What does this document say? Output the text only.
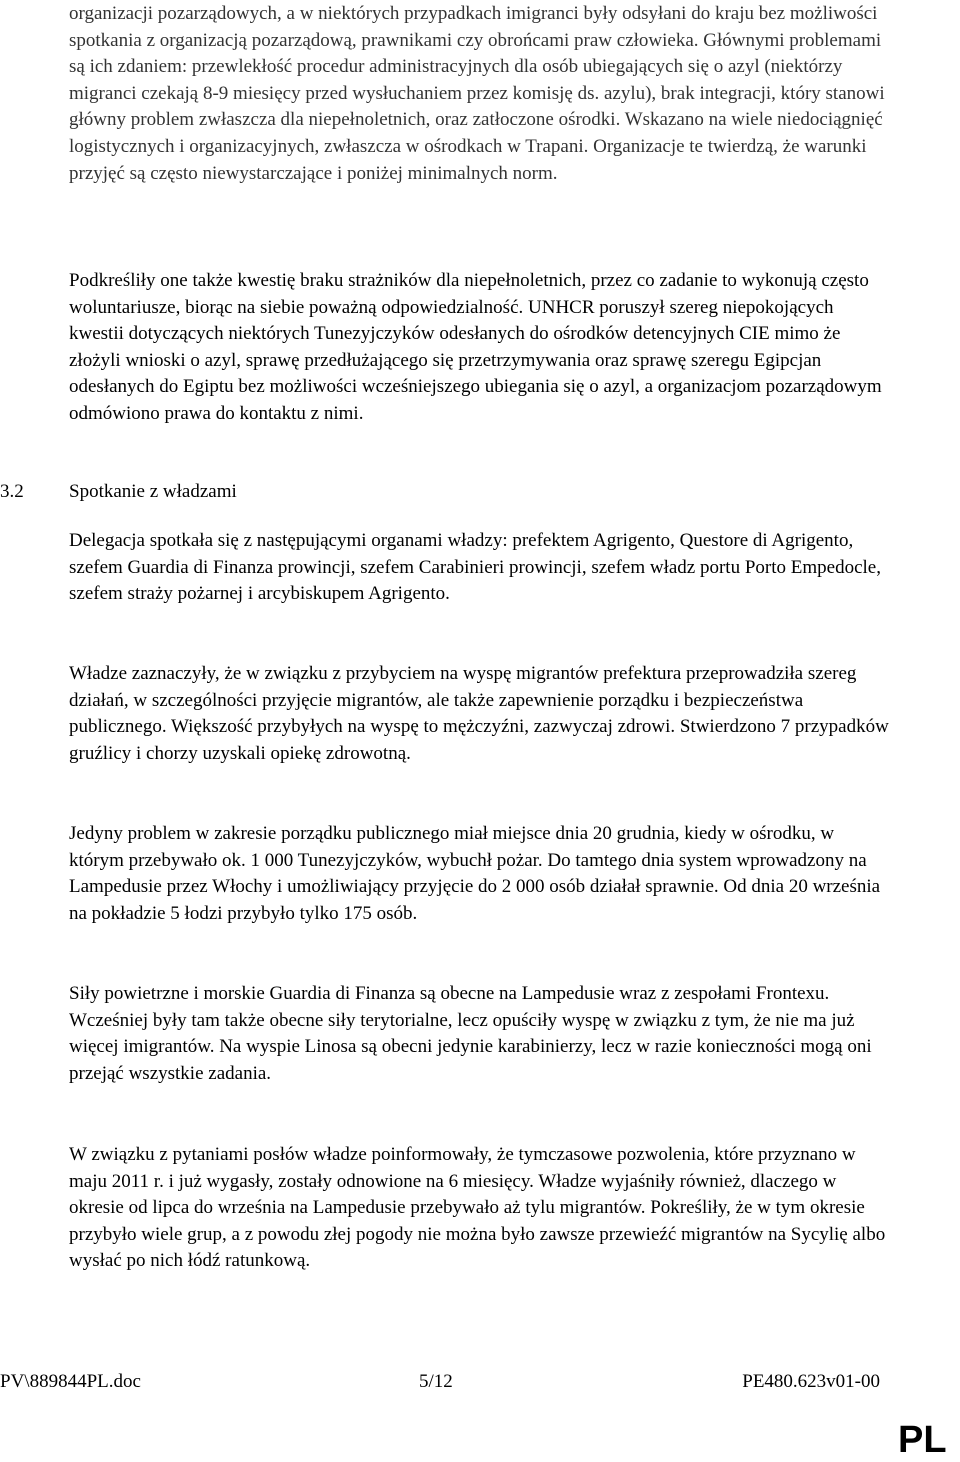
organizacji pozarządowych, a w niektórych przypadkach imigranci były odsyłani do kraju bez możliwości spotkania z organizacją pozarządową, prawnikami czy obrońcami praw człowieka. Głównymi problemami są ich zdaniem: przewlekłość procedur administracyjnych dla osób ubiegających się o azyl (niektórzy migranci czekają 8-9 miesięcy przed wysłuchaniem przez komisję ds. azylu), brak integracji, który stanowi główny problem zwłaszcza dla niepełnoletnich, oraz zatłoczone ośrodki. Wskazano na wiele niedociągnięć logistycznych i organizacyjnych, zwłaszcza w ośrodkach w Trapani. Organizacje te twierdzą, że warunki przyjęć są często niewystarczające i poniżej minimalnych norm.

Podkreśliły one także kwestię braku strażników dla niepełnoletnich, przez co zadanie to wykonują często woluntariusze, biorąc na siebie poważną odpowiedzialność. UNHCR poruszył szereg niepokojących kwestii dotyczących niektórych Tunezyjczyków odesłanych do ośrodków detencyjnych CIE mimo że złożyli wnioski o azyl, sprawę przedłużającego się przetrzymywania oraz sprawę szeregu Egipcjan odesłanych do Egiptu bez możliwości wcześniejszego ubiegania się o azyl, a organizacjom pozarządowym odmówiono prawa do kontaktu z nimi.

3.2 Spotkanie z władzami

Delegacja spotkała się z następującymi organami władzy: prefektem Agrigento, Questore di Agrigento, szefem Guardia di Finanza prowincji, szefem Carabinieri prowincji, szefem władz portu Porto Empedocle, szefem straży pożarnej i arcybiskupem Agrigento.

Władze zaznaczyły, że w związku z przybyciem na wyspę migrantów prefektura przeprowadziła szereg działań, w szczególności przyjęcie migrantów, ale także zapewnienie porządku i bezpieczeństwa publicznego. Większość przybyłych na wyspę to mężczyźni, zazwyczaj zdrowi. Stwierdzono 7 przypadków gruźlicy i chorzy uzyskali opiekę zdrowotną.

Jedyny problem w zakresie porządku publicznego miał miejsce dnia 20 grudnia, kiedy w ośrodku, w którym przebywało ok. 1 000 Tunezyjczyków, wybuchł pożar. Do tamtego dnia system wprowadzony na Lampedusie przez Włochy i umożliwiający przyjęcie do 2 000 osób działał sprawnie. Od dnia 20 września na pokładzie 5 łodzi przybyło tylko 175 osób.

Siły powietrzne i morskie Guardia di Finanza są obecne na Lampedusie wraz z zespołami Frontexu. Wcześniej były tam także obecne siły terytorialne, lecz opuściły wyspę w związku z tym, że nie ma już więcej imigrantów. Na wyspie Linosa są obecni jedynie karabinierzy, lecz w razie konieczności mogą oni przejąć wszystkie zadania.

W związku z pytaniami posłów władze poinformowały, że tymczasowe pozwolenia, które przyznano w maju 2011 r. i już wygasły, zostały odnowione na 6 miesięcy. Władze wyjaśniły również, dlaczego w okresie od lipca do września na Lampedusie przebywało aż tylu migrantów. Pokreśliły, że w tym okresie przybyło wiele grup, a z powodu złej pogody nie można było zawsze przewieźć migrantów na Sycylię albo wysłać po nich łódź ratunkową.

PV\889844PL.doc	5/12	PE480.623v01-00
PL
